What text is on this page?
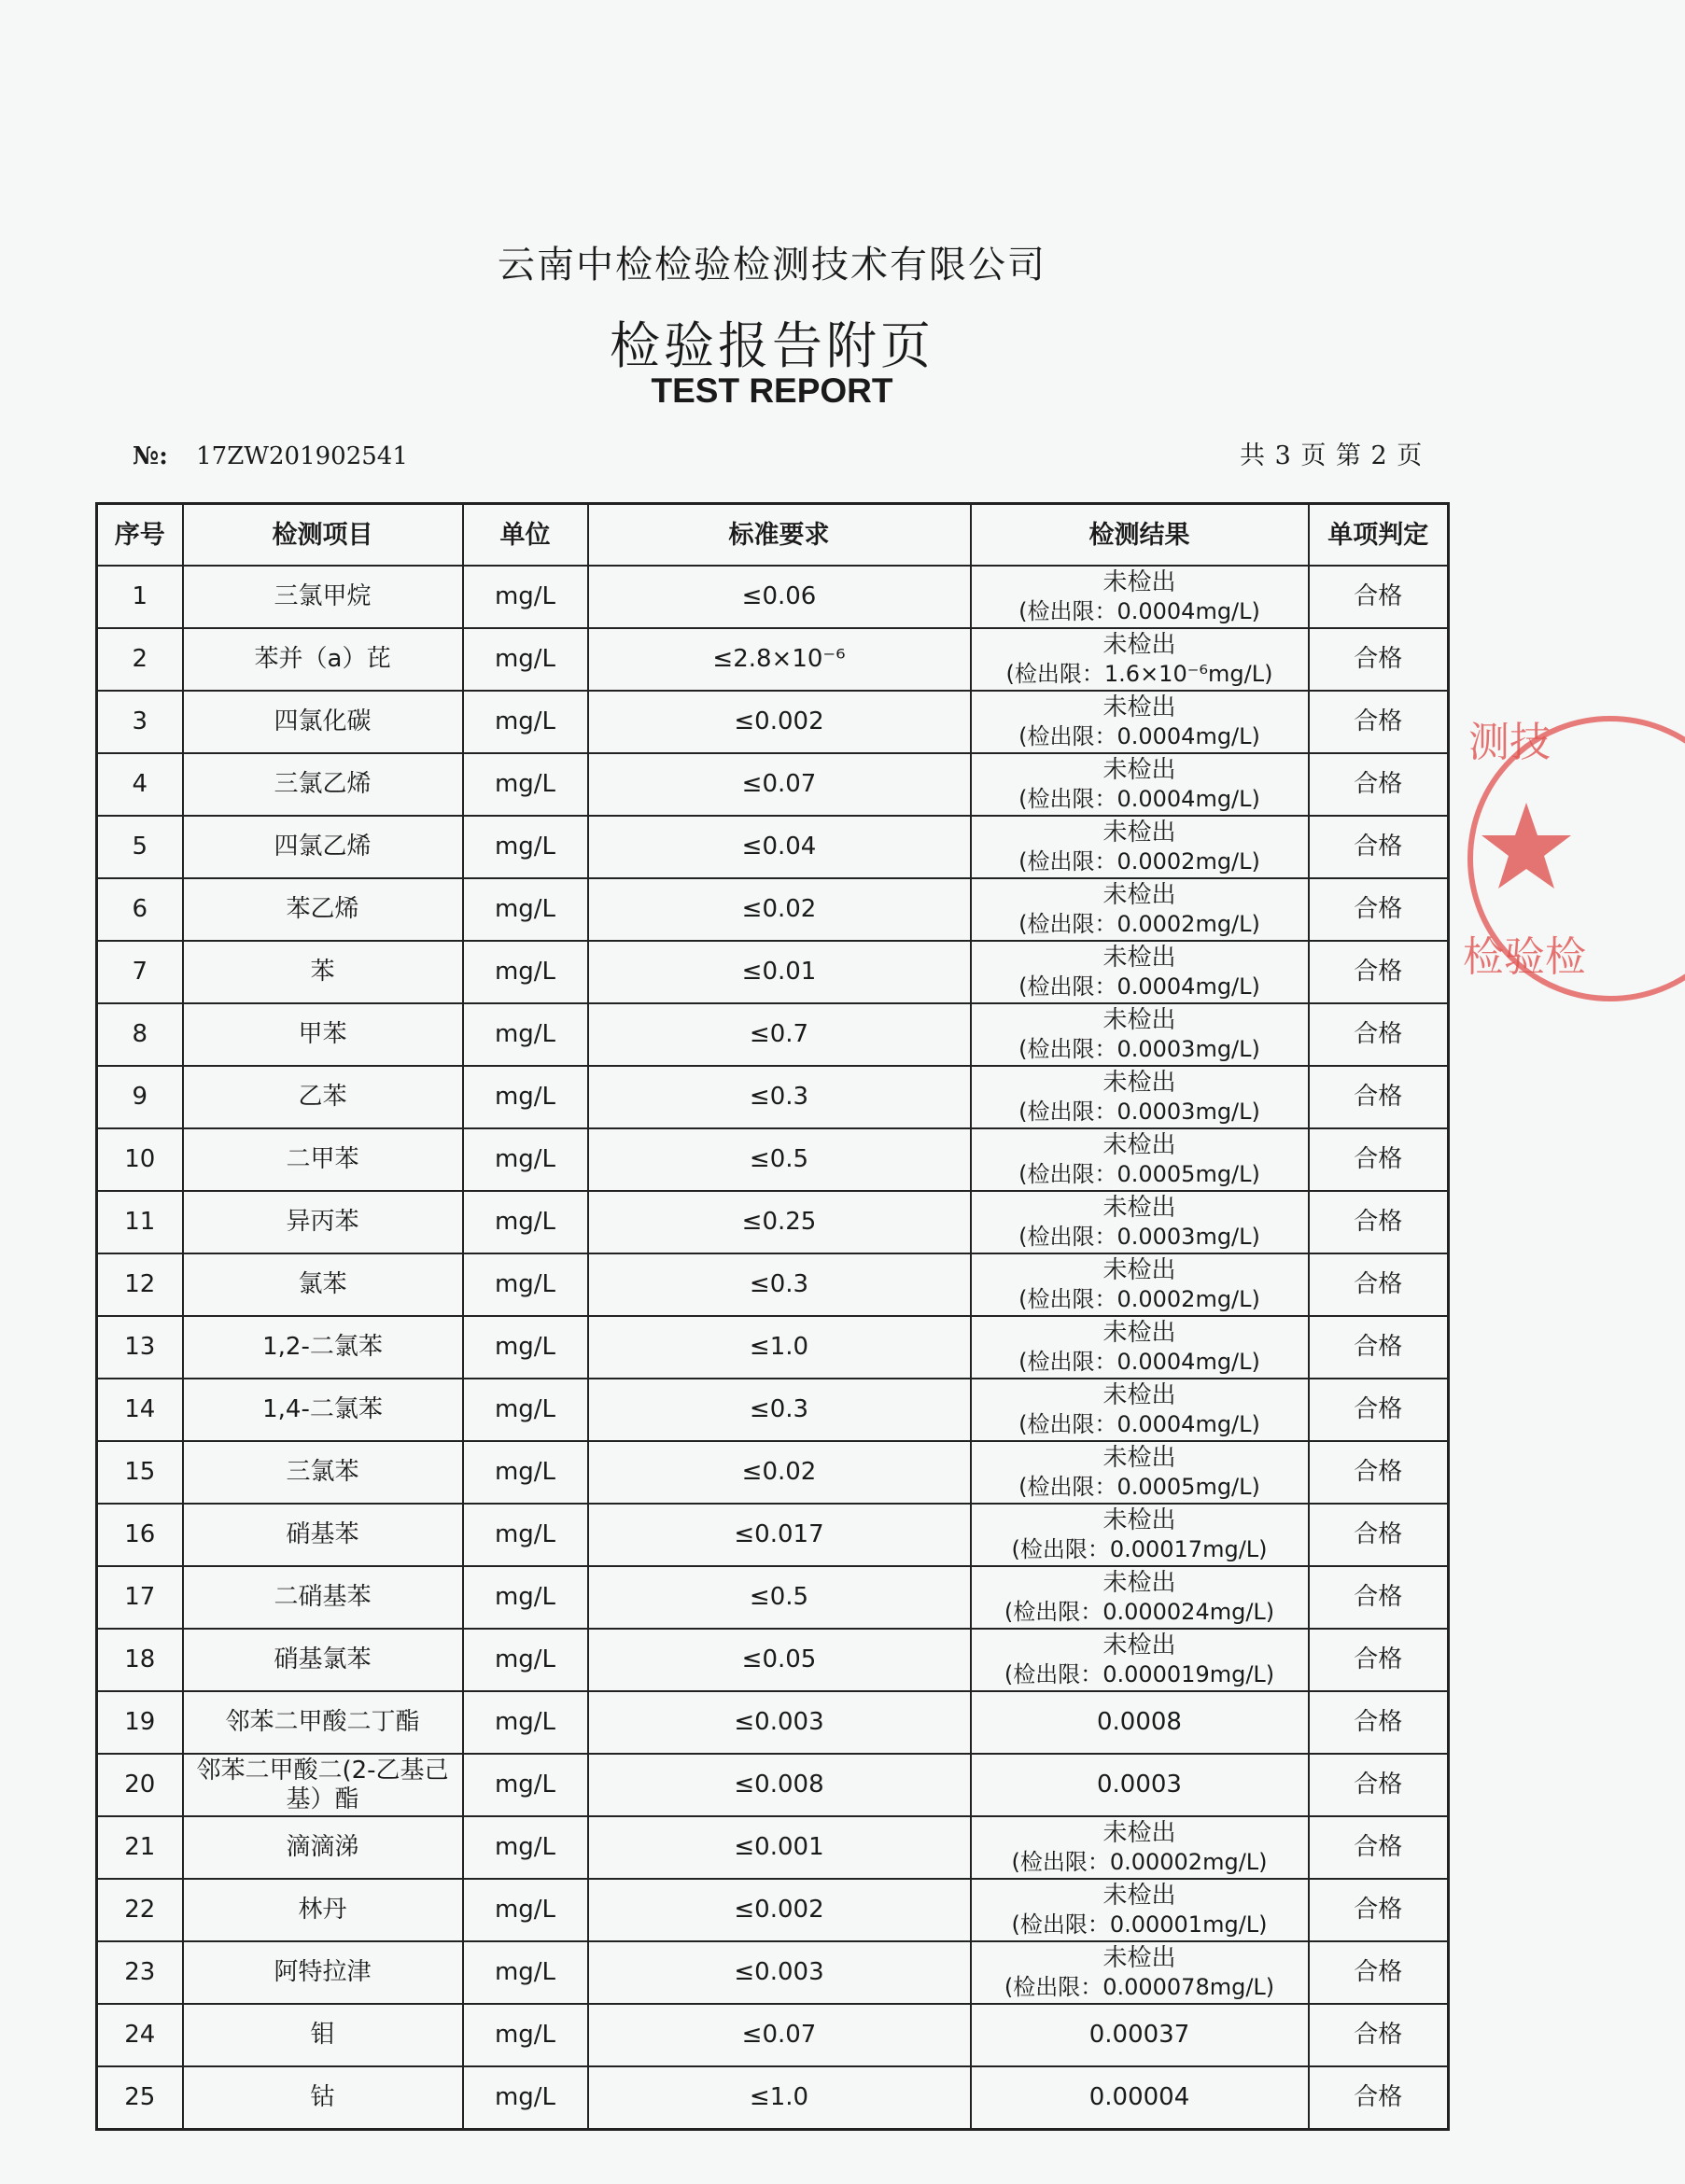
云南中检检验检测技术有限公司
检验报告附页
TEST REPORT
№: 17ZW201902541	共 3 页 第 2 页
序号	检测项目	单位	标准要求	检测结果	单项判定
1	三氯甲烷	mg/L	≤0.06	未检出
(检出限：0.0004mg/L)	合格
2	苯并（a）芘	mg/L	≤2.8×10⁻⁶	未检出
(检出限：1.6×10⁻⁶mg/L)	合格
3	四氯化碳	mg/L	≤0.002	未检出
(检出限：0.0004mg/L)	合格
4	三氯乙烯	mg/L	≤0.07	未检出
(检出限：0.0004mg/L)	合格
5	四氯乙烯	mg/L	≤0.04	未检出
(检出限：0.0002mg/L)	合格
6	苯乙烯	mg/L	≤0.02	未检出
(检出限：0.0002mg/L)	合格
7	苯	mg/L	≤0.01	未检出
(检出限：0.0004mg/L)	合格
8	甲苯	mg/L	≤0.7	未检出
(检出限：0.0003mg/L)	合格
9	乙苯	mg/L	≤0.3	未检出
(检出限：0.0003mg/L)	合格
10	二甲苯	mg/L	≤0.5	未检出
(检出限：0.0005mg/L)	合格
11	异丙苯	mg/L	≤0.25	未检出
(检出限：0.0003mg/L)	合格
12	氯苯	mg/L	≤0.3	未检出
(检出限：0.0002mg/L)	合格
13	1,2-二氯苯	mg/L	≤1.0	未检出
(检出限：0.0004mg/L)	合格
14	1,4-二氯苯	mg/L	≤0.3	未检出
(检出限：0.0004mg/L)	合格
15	三氯苯	mg/L	≤0.02	未检出
(检出限：0.0005mg/L)	合格
16	硝基苯	mg/L	≤0.017	未检出
(检出限：0.00017mg/L)	合格
17	二硝基苯	mg/L	≤0.5	未检出
(检出限：0.000024mg/L)	合格
18	硝基氯苯	mg/L	≤0.05	未检出
(检出限：0.000019mg/L)	合格
19	邻苯二甲酸二丁酯	mg/L	≤0.003	0.0008	合格
20	邻苯二甲酸二(2-乙基己基）酯	mg/L	≤0.008	0.0003	合格
21	滴滴涕	mg/L	≤0.001	未检出
(检出限：0.00002mg/L)	合格
22	林丹	mg/L	≤0.002	未检出
(检出限：0.00001mg/L)	合格
23	阿特拉津	mg/L	≤0.003	未检出
(检出限：0.000078mg/L)	合格
24	钼	mg/L	≤0.07	0.00037	合格
25	钴	mg/L	≤1.0	0.00004	合格
测技
检验检
